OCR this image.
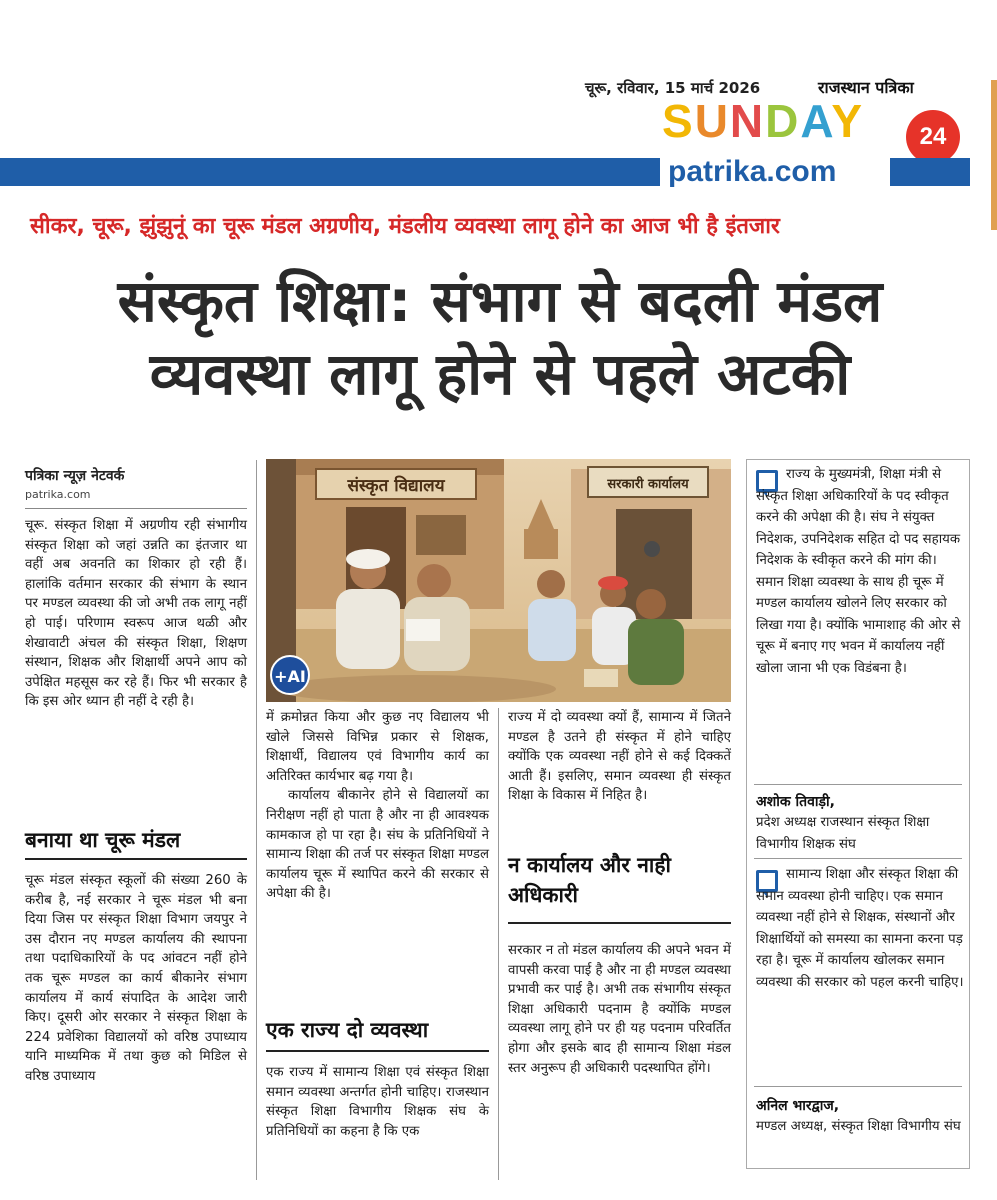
चूरू, रविवार, 15 मार्च 2026	राजस्थान पत्रिका
SUNDAY	24
patrika.com
सीकर, चूरू, झुंझुनूं का चूरू मंडल अग्रणीय, मंडलीय व्यवस्था लागू होने का आज भी है इंतजार
संस्कृत शिक्षा: संभाग से बदली मंडल
व्यवस्था लागू होने से पहले अटकी
पत्रिका न्यूज़ नेटवर्क
patrika.com
चूरू. संस्कृत शिक्षा में अग्रणीय रही संभागीय संस्कृत शिक्षा को जहां उन्नति का इंतजार था वहीं अब अवनति का शिकार हो रही हैं। हालांकि वर्तमान सरकार की संभाग के स्थान पर मण्डल व्यवस्था की जो अभी तक लागू नहीं हो पाई। परिणाम स्वरूप आज थळी और शेखावाटी अंचल की संस्कृत शिक्षा, शिक्षण संस्थान, शिक्षक और शिक्षार्थी अपने आप को उपेक्षित महसूस कर रहे हैं। फिर भी सरकार है कि इस ओर ध्यान ही नहीं दे रही है।
बनाया था चूरू मंडल
चूरू मंडल संस्कृत स्कूलों की संख्या 260 के करीब है, नई सरकार ने चूरू मंडल भी बना दिया जिस पर संस्कृत शिक्षा विभाग जयपुर ने उस दौरान नए मण्डल कार्यालय की स्थापना तथा पदाधिकारियों के पद आंवटन नहीं होने तक चूरू मण्डल का कार्य बीकानेर संभाग कार्यालय में कार्य संपादित के आदेश जारी किए। दूसरी ओर सरकार ने संस्कृत शिक्षा के 224 प्रवेशिका विद्यालयों को वरिष्ठ उपाध्याय यानि माध्यमिक में तथा कुछ को मिडिल से वरिष्ठ उपाध्याय
संस्कृत विद्यालय	सरकारी कार्यालय
+AI
में क्रमोन्नत किया और कुछ नए विद्यालय भी खोले जिससे विभिन्न प्रकार से शिक्षक, शिक्षार्थी, विद्यालय एवं विभागीय कार्य का अतिरिक्त कार्यभार बढ़ गया है।
कार्यालय बीकानेर होने से विद्यालयों का निरीक्षण नहीं हो पाता है और ना ही आवश्यक कामकाज हो पा रहा है। संघ के प्रतिनिधियों ने सामान्य शिक्षा की तर्ज पर संस्कृत शिक्षा मण्डल कार्यालय चूरू में स्थापित करने की सरकार से अपेक्षा की है।
एक राज्य दो व्यवस्था
एक राज्य में सामान्य शिक्षा एवं संस्कृत शिक्षा समान व्यवस्था अन्तर्गत होनी चाहिए। राजस्थान संस्कृत शिक्षा विभागीय शिक्षक संघ के प्रतिनिधियों का कहना है कि एक
राज्य में दो व्यवस्था क्यों हैं, सामान्य में जितने मण्डल है उतने ही संस्कृत में होने चाहिए क्योंकि एक व्यवस्था नहीं होने से कई दिक्कतें आती हैं। इसलिए, समान व्यवस्था ही संस्कृत शिक्षा के विकास में निहित है।
न कार्यालय और नाही अधिकारी
सरकार न तो मंडल कार्यालय की अपने भवन में वापसी करवा पाई है और ना ही मण्डल व्यवस्था प्रभावी कर पाई है। अभी तक संभागीय संस्कृत शिक्षा अधिकारी पदनाम है क्योंकि मण्डल व्यवस्था लागू होने पर ही यह पदनाम परिवर्तित होगा और इसके बाद ही सामान्य शिक्षा मंडल स्तर अनुरूप ही अधिकारी पदस्थापित होंगे।
राज्य के मुख्यमंत्री, शिक्षा मंत्री से संस्कृत शिक्षा अधिकारियों के पद स्वीकृत करने की अपेक्षा की है। संघ ने संयुक्त निदेशक, उपनिदेशक सहित दो पद सहायक निदेशक के स्वीकृत करने की मांग की। समान शिक्षा व्यवस्था के साथ ही चूरू में मण्डल कार्यालय खोलने लिए सरकार को लिखा गया है। क्योंकि भामाशाह की ओर से चूरू में बनाए गए भवन में कार्यालय नहीं खोला जाना भी एक विडंबना है।
अशोक तिवाड़ी,
प्रदेश अध्यक्ष राजस्थान संस्कृत शिक्षा विभागीय शिक्षक संघ
सामान्य शिक्षा और संस्कृत शिक्षा की समान व्यवस्था होनी चाहिए। एक समान व्यवस्था नहीं होने से शिक्षक, संस्थानों और शिक्षार्थियों को समस्या का सामना करना पड़ रहा है। चूरू में कार्यालय खोलकर समान व्यवस्था की सरकार को पहल करनी चाहिए।
अनिल भारद्वाज,
मण्डल अध्यक्ष, संस्कृत शिक्षा विभागीय संघ
